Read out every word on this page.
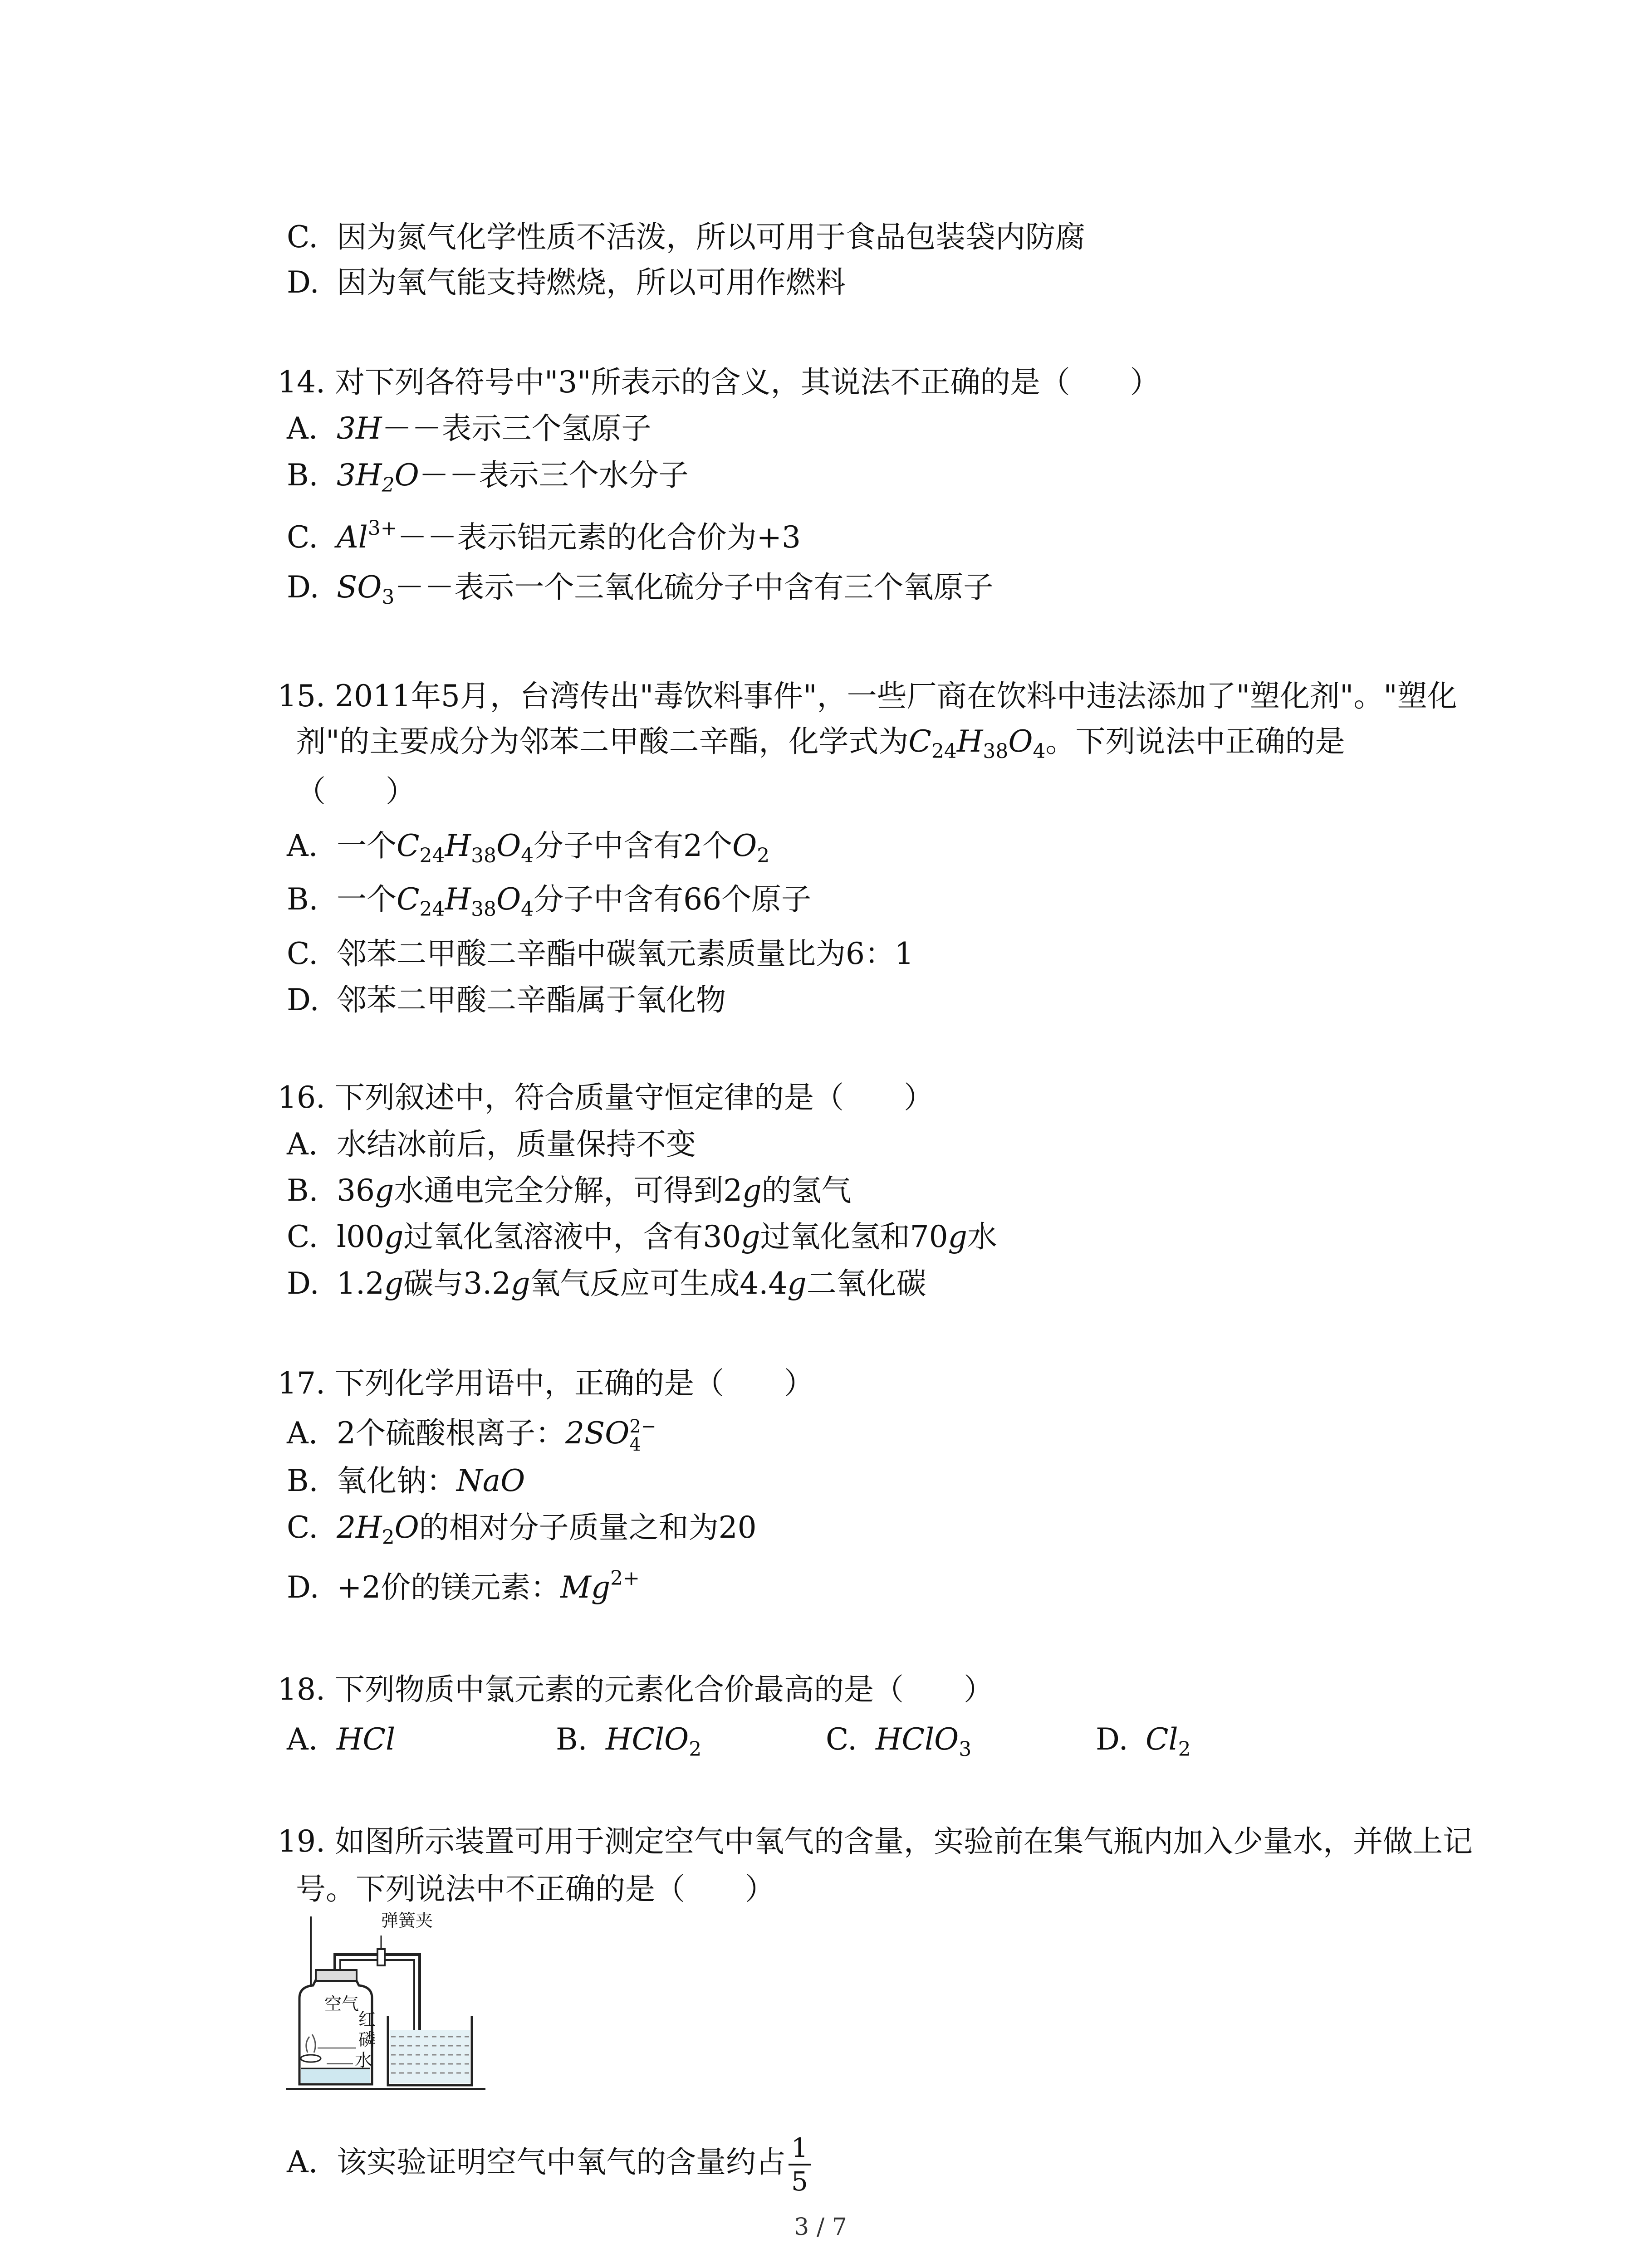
C. 因为氮气化学性质不活泼，所以可用于食品包装袋内防腐
D. 因为氧气能支持燃烧，所以可用作燃料
14. 对下列各符号中"3"所表示的含义，其说法不正确的是（　　）
A. 3H－－表示三个氢原子
B. $3H_2O--$表示三个水分子
C. $Al^{3+}--$表示铝元素的化合价为+3
D. $SO_3--$表示一个三氧化硫分子中含有三个氧原子
15. 2011年5月，台湾传出"毒饮料事件"，一些厂商在饮料中违法添加了"塑化剂"。"塑化
剂"的主要成分为邻苯二甲酸二辛酯，化学式为$C_{24}H_{38}O_4$。下列说法中正确的是
（　　）
A. 一个$C_{24}H_{38}O_4$分子中含有2个$O_2$
B. 一个$C_{24}H_{38}O_4$分子中含有66个原子
C. 邻苯二甲酸二辛酯中碳氧元素质量比为6：1
D. 邻苯二甲酸二辛酯属于氧化物
16. 下列叙述中，符合质量守恒定律的是（　　）
A. 水结冰前后，质量保持不变
B. 36g水通电完全分解，可得到2g的氢气
C. l00g过氧化氢溶液中，含有30g过氧化氢和70g水
D. 1.2g碳与3.2g氧气反应可生成4.4g二氧化碳
17. 下列化学用语中，正确的是（　　）
A. 2个硫酸根离子：2SO 2−
4
B. 氧化钠：NaO
C. $2H_2O$的相对分子质量之和为20
D. +2价的镁元素：$Mg^{2+}$
18. 下列物质中氯元素的元素化合价最高的是（　　）
A. HCl	B. HClO$_2$	C. HClO$_3$	D. $Cl_2$
19. 如图所示装置可用于测定空气中氧气的含量，实验前在集气瓶内加入少量水，并做上记
号。下列说法中不正确的是（　　）
弹簧夹
空气
红
磷
水
A. 该实验证明空气中氧气的含量约占 $\frac{1}{5}$
3 / 7
